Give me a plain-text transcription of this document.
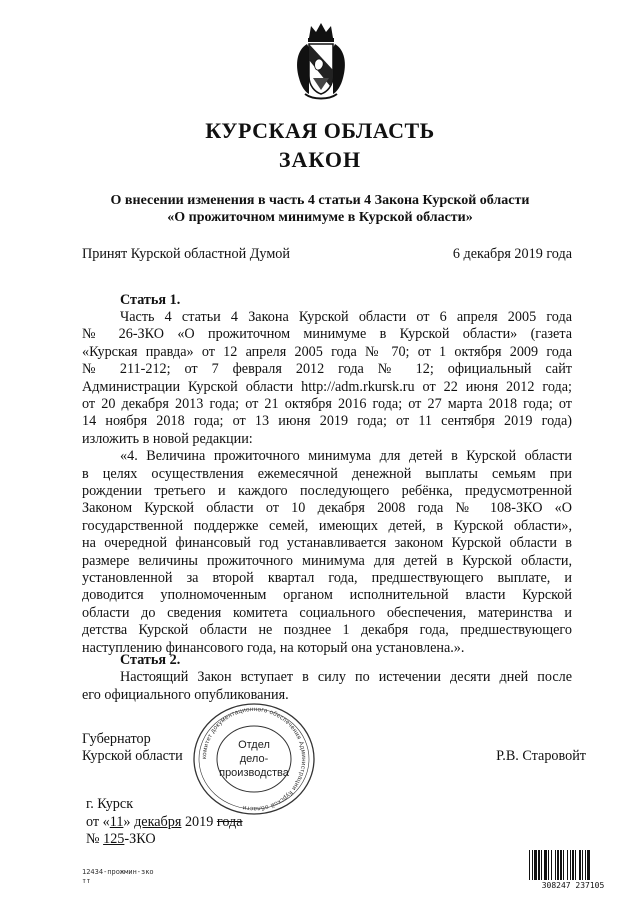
КУРСКАЯ ОБЛАСТЬ
ЗАКОН
О внесении изменения в часть 4 статьи 4 Закона Курской области
«О прожиточном минимуме в Курской области»
Принят Курской областной Думой	6 декабря 2019 года
Статья 1.
Часть 4 статьи 4 Закона Курской области от 6 апреля 2005 года
№ 26-ЗКО «О прожиточном минимуме в Курской области» (газета
«Курская правда» от 12 апреля 2005 года № 70; от 1 октября 2009 года
№ 211-212; от 7 февраля 2012 года № 12; официальный сайт
Администрации Курской области http://adm.rkursk.ru от 22 июня 2012 года;
от 20 декабря 2013 года; от 21 октября 2016 года; от 27 марта 2018 года; от
14 ноября 2018 года; от 13 июня 2019 года; от 11 сентября 2019 года)
изложить в новой редакции:
«4. Величина прожиточного минимума для детей в Курской области
в целях осуществления ежемесячной денежной выплаты семьям при
рождении третьего и каждого последующего ребёнка, предусмотренной
Законом Курской области от 10 декабря 2008 года № 108-ЗКО «О
государственной поддержке семей, имеющих детей, в Курской области»,
на очередной финансовый год устанавливается законом Курской области в
размере величины прожиточного минимума для детей в Курской области,
установленной за второй квартал года, предшествующего выплате, и
доводится уполномоченным органом исполнительной власти Курской
области до сведения комитета социального обеспечения, материнства и
детства Курской области не позднее 1 декабря года, предшествующего
наступлению финансового года, на который она установлена.».
Статья 2.
Настоящий Закон вступает в силу по истечении десяти дней после
его официального опубликования.
Губернатор
Курской области	Р.В. Старовойт
комитет документационного обеспечения Администрации Курской области
Отдел
дело-
производства
г. Курск
от «11» декабря 2019 года
№ 125-ЗКО
12434-прожмин-зко
тт	308247 237105
